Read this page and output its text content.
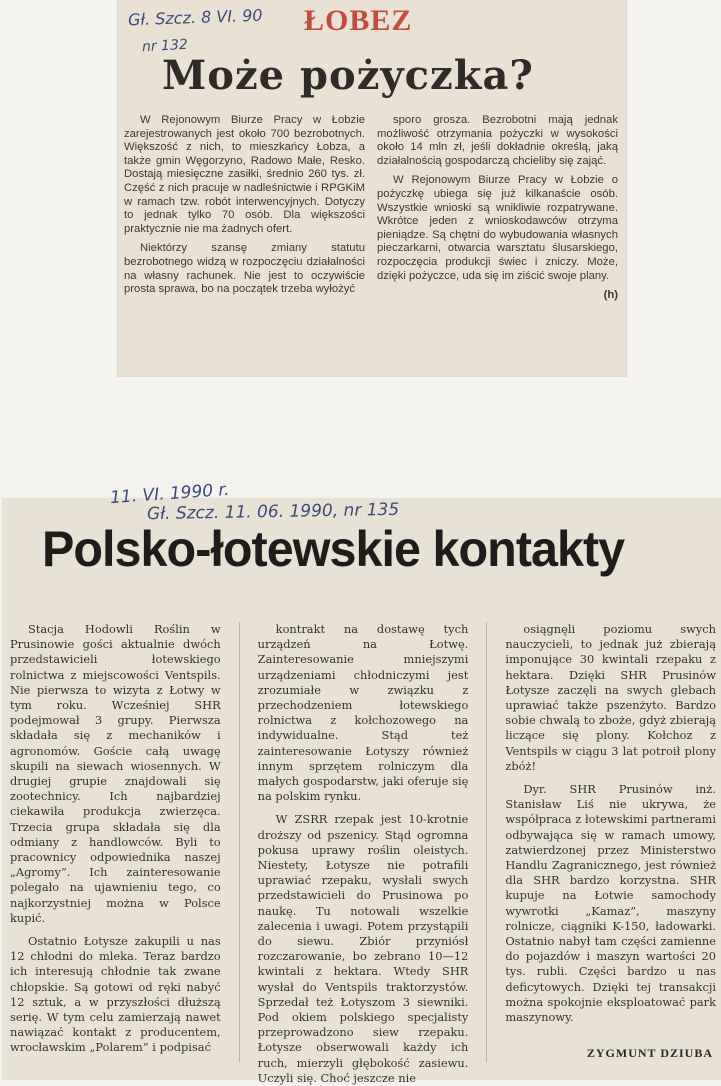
Gł. Szcz. 8 VI. 90
nr 132
ŁOBEZ
Może pożyczka?

W Rejonowym Biurze Pracy w Łobzie zarejestrowanych jest około 700 bezrobotnych. Większość z nich, to mieszkańcy Łobza, a także gmin Węgorzyno, Radowo Małe, Resko. Dostają miesięczne zasiłki, średnio 260 tys. zł. Część z nich pracuje w nadleśnictwie i RPGKiM w ramach tzw. robót interwencyjnych. Dotyczy to jednak tylko 70 osób. Dla większości praktycznie nie ma żadnych ofert.

Niektórzy szansę zmiany statutu bezrobotnego widzą w rozpoczęciu działalności na własny rachunek. Nie jest to oczywiście prosta sprawa, bo na początek trzeba wyłożyć

sporo grosza. Bezrobotni mają jednak możliwość otrzymania pożyczki w wysokości około 14 mln zł, jeśli dokładnie określą, jaką działalnością gospodarczą chcieliby się zająć.

W Rejonowym Biurze Pracy w Łobzie o pożyczkę ubiega się już kilkanaście osób. Wszystkie wnioski są wnikliwie rozpatrywane. Wkrótce jeden z wnioskodawców otrzyma pieniądze. Są chętni do wybudowania własnych pieczarkarni, otwarcia warsztatu ślusarskiego, rozpoczęcia produkcji świec i zniczy. Może, dzięki pożyczce, uda się im ziścić swoje plany.

(h)

11. VI. 1990 r.
Gł. Szcz. 11. 06. 1990, nr 135
Polsko-łotewskie kontakty

Stacja Hodowli Roślin w Prusinowie gości aktualnie dwóch przedstawicieli łotewskiego rolnictwa z miejscowości Ventspils. Nie pierwsza to wizyta z Łotwy w tym roku. Wcześniej SHR podejmował 3 grupy. Pierwsza składała się z mechaników i agronomów. Goście całą uwagę skupili na siewach wiosennych. W drugiej grupie znajdowali się zootechnicy. Ich najbardziej ciekawiła produkcja zwierzęca. Trzecia grupa składała się dla odmiany z handlowców. Byli to pracownicy odpowiednika naszej „Agromy”. Ich zainteresowanie polegało na ujawnieniu tego, co najkorzystniej można w Polsce kupić.

Ostatnio Łotysze zakupili u nas 12 chłodni do mleka. Teraz bardzo ich interesują chłodnie tak zwane chłopskie. Są gotowi od ręki nabyć 12 sztuk, a w przyszłości dłuższą serię. W tym celu zamierzają nawet nawiązać kontakt z producentem, wrocławskim „Polarem” i podpisać

kontrakt na dostawę tych urządzeń na Łotwę. Zainteresowanie mniejszymi urządzeniami chłodniczymi jest zrozumiałe w związku z przechodzeniem łotewskiego rolnictwa z kołchozowego na indywidualne. Stąd też zainteresowanie Łotyszy również innym sprzętem rolniczym dla małych gospodarstw, jaki oferuje się na polskim rynku.

W ZSRR rzepak jest 10-krotnie droższy od pszenicy. Stąd ogromna pokusa uprawy roślin oleistych. Niestety, Łotysze nie potrafili uprawiać rzepaku, wysłali swych przedstawicieli do Prusinowa po naukę. Tu notowali wszelkie zalecenia i uwagi. Potem przystąpili do siewu. Zbiór przyniósł rozczarowanie, bo zebrano 10—12 kwintali z hektara. Wtedy SHR wysłał do Ventspils traktorzystów. Sprzedał też Łotyszom 3 siewniki. Pod okiem polskiego specjalisty przeprowadzono siew rzepaku. Łotysze obserwowali każdy ich ruch, mierzyli głębokość zasiewu. Uczyli się. Choć jeszcze nie

osiągnęli poziomu swych nauczycieli, to jednak już zbierają imponujące 30 kwintali rzepaku z hektara. Dzięki SHR Prusinów Łotysze zaczęli na swych glebach uprawiać także pszenżyto. Bardzo sobie chwalą to zboże, gdyż zbierają liczące się plony. Kołchoz z Ventspils w ciągu 3 lat potroił plony zbóż!

Dyr. SHR Prusinów inż. Stanisław Liś nie ukrywa, że współpraca z łotewskimi partnerami odbywająca się w ramach umowy, zatwierdzonej przez Ministerstwo Handlu Zagranicznego, jest również dla SHR bardzo korzystna. SHR kupuje na Łotwie samochody wywrotki „Kamaz”, maszyny rolnicze, ciągniki K-150, ładowarki. Ostatnio nabył tam części zamienne do pojazdów i maszyn wartości 20 tys. rubli. Części bardzo u nas deficytowych. Dzięki tej transakcji można spokojnie eksploatować park maszynowy.

ZYGMUNT DZIUBA
